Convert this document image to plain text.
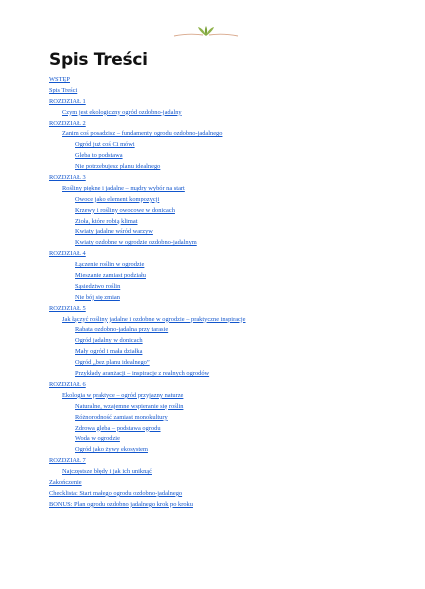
Spis Treści
WSTĘP
Spis Treści
ROZDZIAŁ 1
Czym jest ekologiczny ogród ozdobno-jadalny
ROZDZIAŁ 2
Zanim coś posadzisz – fundamenty ogrodu ozdobno-jadalnego
Ogród już coś Ci mówi
Gleba to podstawa
Nie potrzebujesz planu idealnego
ROZDZIAŁ 3
Rośliny piękne i jadalne – mądry wybór na start
Owoce jako element kompozycji
Krzewy i rośliny owocowe w donicach
Zioła, które robią klimat
Kwiaty jadalne wśród warzyw
Kwiaty ozdobne w ogrodzie ozdobno-jadalnym
ROZDZIAŁ 4
Łączenie roślin w ogrodzie
Mieszanie zamiast podziału
Sąsiedztwo roślin
Nie bój się zmian
ROZDZIAŁ 5
Jak łączyć rośliny jadalne i ozdobne w ogrodzie – praktyczne inspiracje
Rabata ozdobno-jadalna przy tarasie
Ogród jadalny w donicach
Mały ogród i mała działka
Ogród „bez planu idealnego”
Przykłady aranżacji – inspiracje z realnych ogrodów
ROZDZIAŁ 6
Ekologia w praktyce – ogród przyjazny naturze
Naturalne, wzajemne wspieranie się roślin
Różnorodność zamiast monokultury
Zdrowa gleba – podstawa ogrodu
Woda w ogrodzie
Ogród jako żywy ekosystem
ROZDZIAŁ 7
Najczęstsze błędy i jak ich uniknąć
Zakończenie
Checklista: Start małego ogrodu ozdobno-jadalnego
BONUS: Plan ogrodu ozdobno jadalnego krok po kroku
